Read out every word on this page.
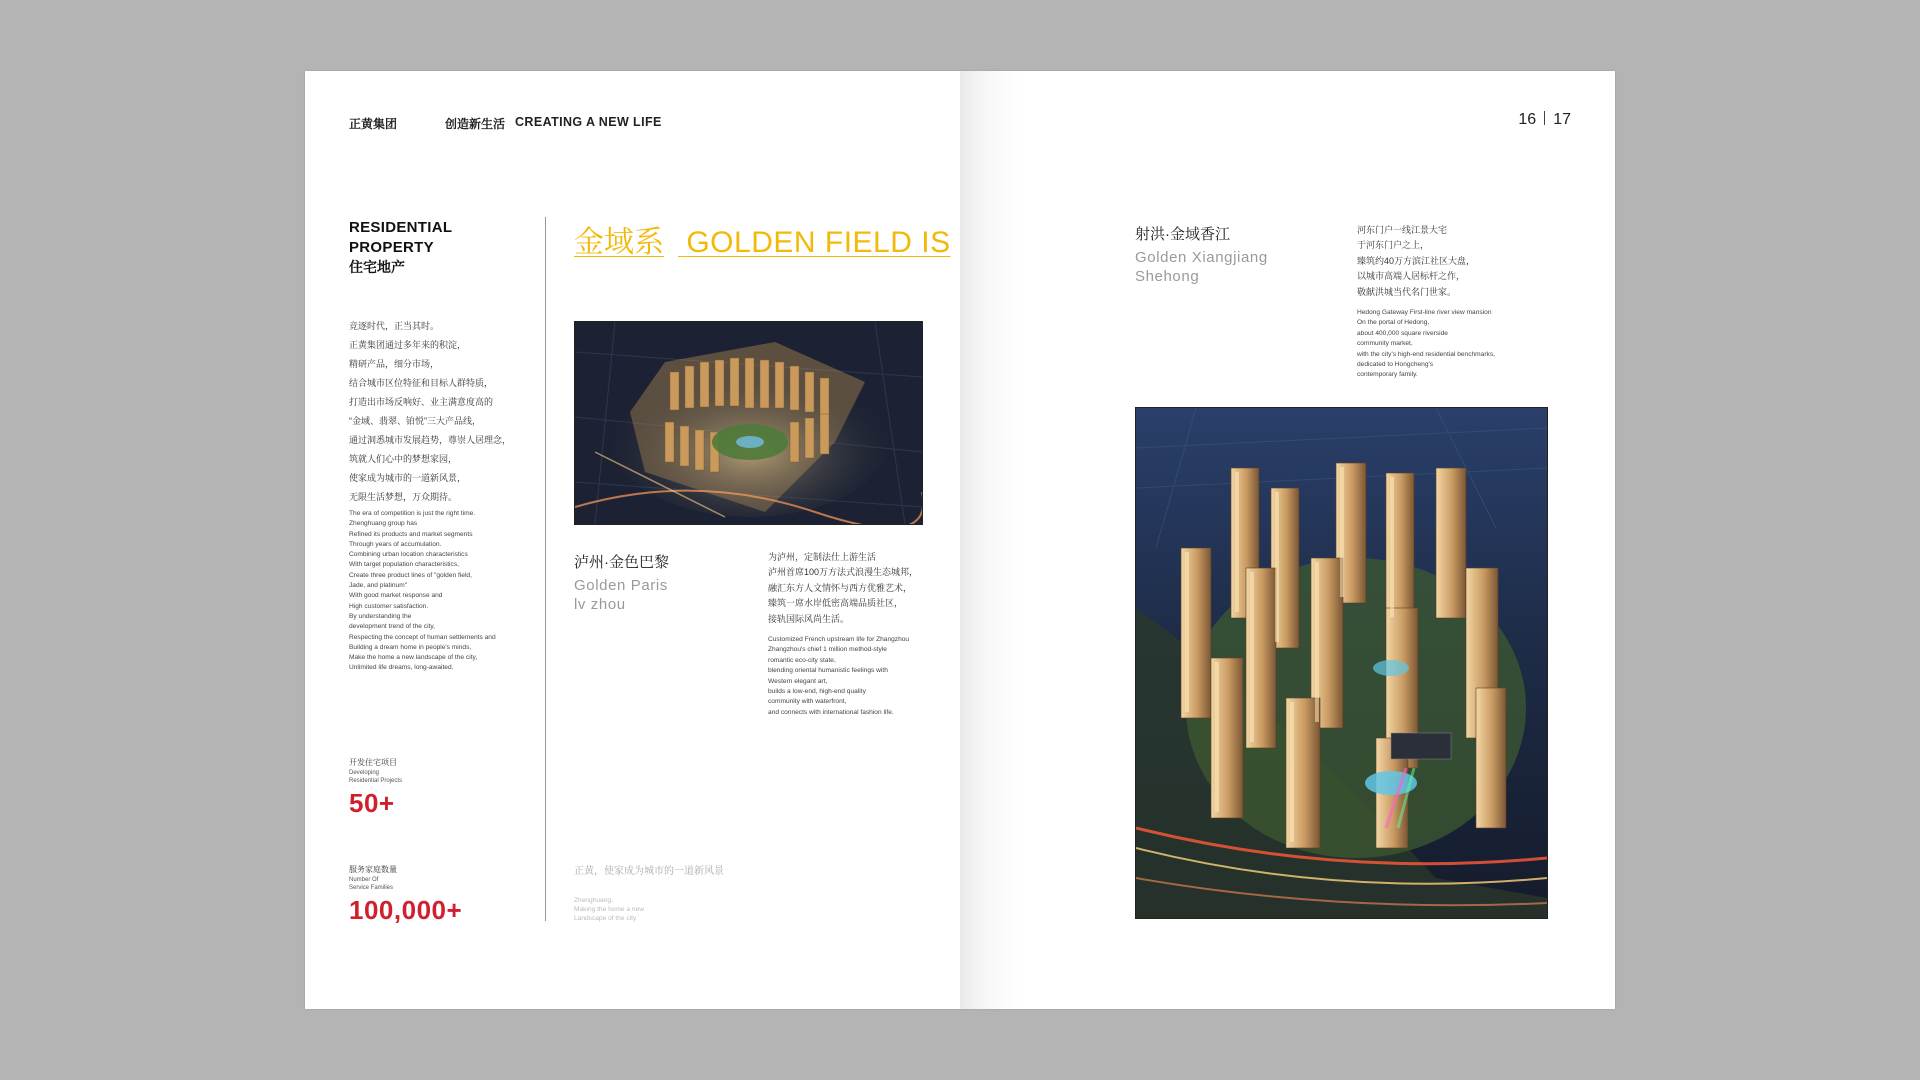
正黄集团	创造新生活 CREATING A NEW LIFE
RESIDENTIAL
PROPERTY
住宅地产
竞逐时代，正当其时。
正黄集团通过多年来的积淀，
精研产品，细分市场，
结合城市区位特征和目标人群特质，
打造出市场反响好、业主满意度高的
“金域、翡翠、铂悦”三大产品线，
通过洞悉城市发展趋势，尊崇人居理念，
筑就人们心中的梦想家园，
使家成为城市的一道新风景，
无限生活梦想，万众期待。
The era of competition is just the right time.
Zhenghuang group has
Refined its products and market segments
Through years of accumulation.
Combining urban location characteristics
With target population characteristics,
Create three product lines of "golden field,
Jade, and platinum"
With good market response and
High customer satisfaction.
By understanding the
development trend of the city,
Respecting the concept of human settlements and
Building a dream home in people's minds,
Make the home a new landscape of the city,
Unlimited life dreams, long-awaited.
开发住宅项目
Developing
Residential Projects
50+
服务家庭数量
Number Of
Service Families
100,000+
金域系 GOLDEN FIELD IS
泸州·金色巴黎
Golden Paris
lv zhou
为泸州，定制法仕上游生活
泸州首席100万方法式浪漫生态城邦，
融汇东方人文情怀与西方优雅艺术，
臻筑一席水岸低密高端品质社区，
接轨国际风尚生活。
Customized French upstream life for Zhangzhou
Zhangzhou's chief 1 million method-style
romantic eco-city state,
blending oriental humanistic feelings with
Western elegant art,
builds a low-end, high-end quality
community with waterfront,
and connects with international fashion life.
正黄，使家成为城市的一道新风景
Zhenghuang,
Making the home a new
Landscape of the city
16 17
射洪·金域香江
Golden Xiangjiang
Shehong
河东门户一线江景大宅
于河东门户之上，
臻筑约40万方滨江社区大盘，
以城市高端人居标杆之作，
敬献洪城当代名门世家。
Hedong Gateway First-line river view mansion
On the portal of Hedong,
about 400,000 square riverside
community market,
with the city's high-end residential benchmarks,
dedicated to Hongcheng's
contemporary family.
